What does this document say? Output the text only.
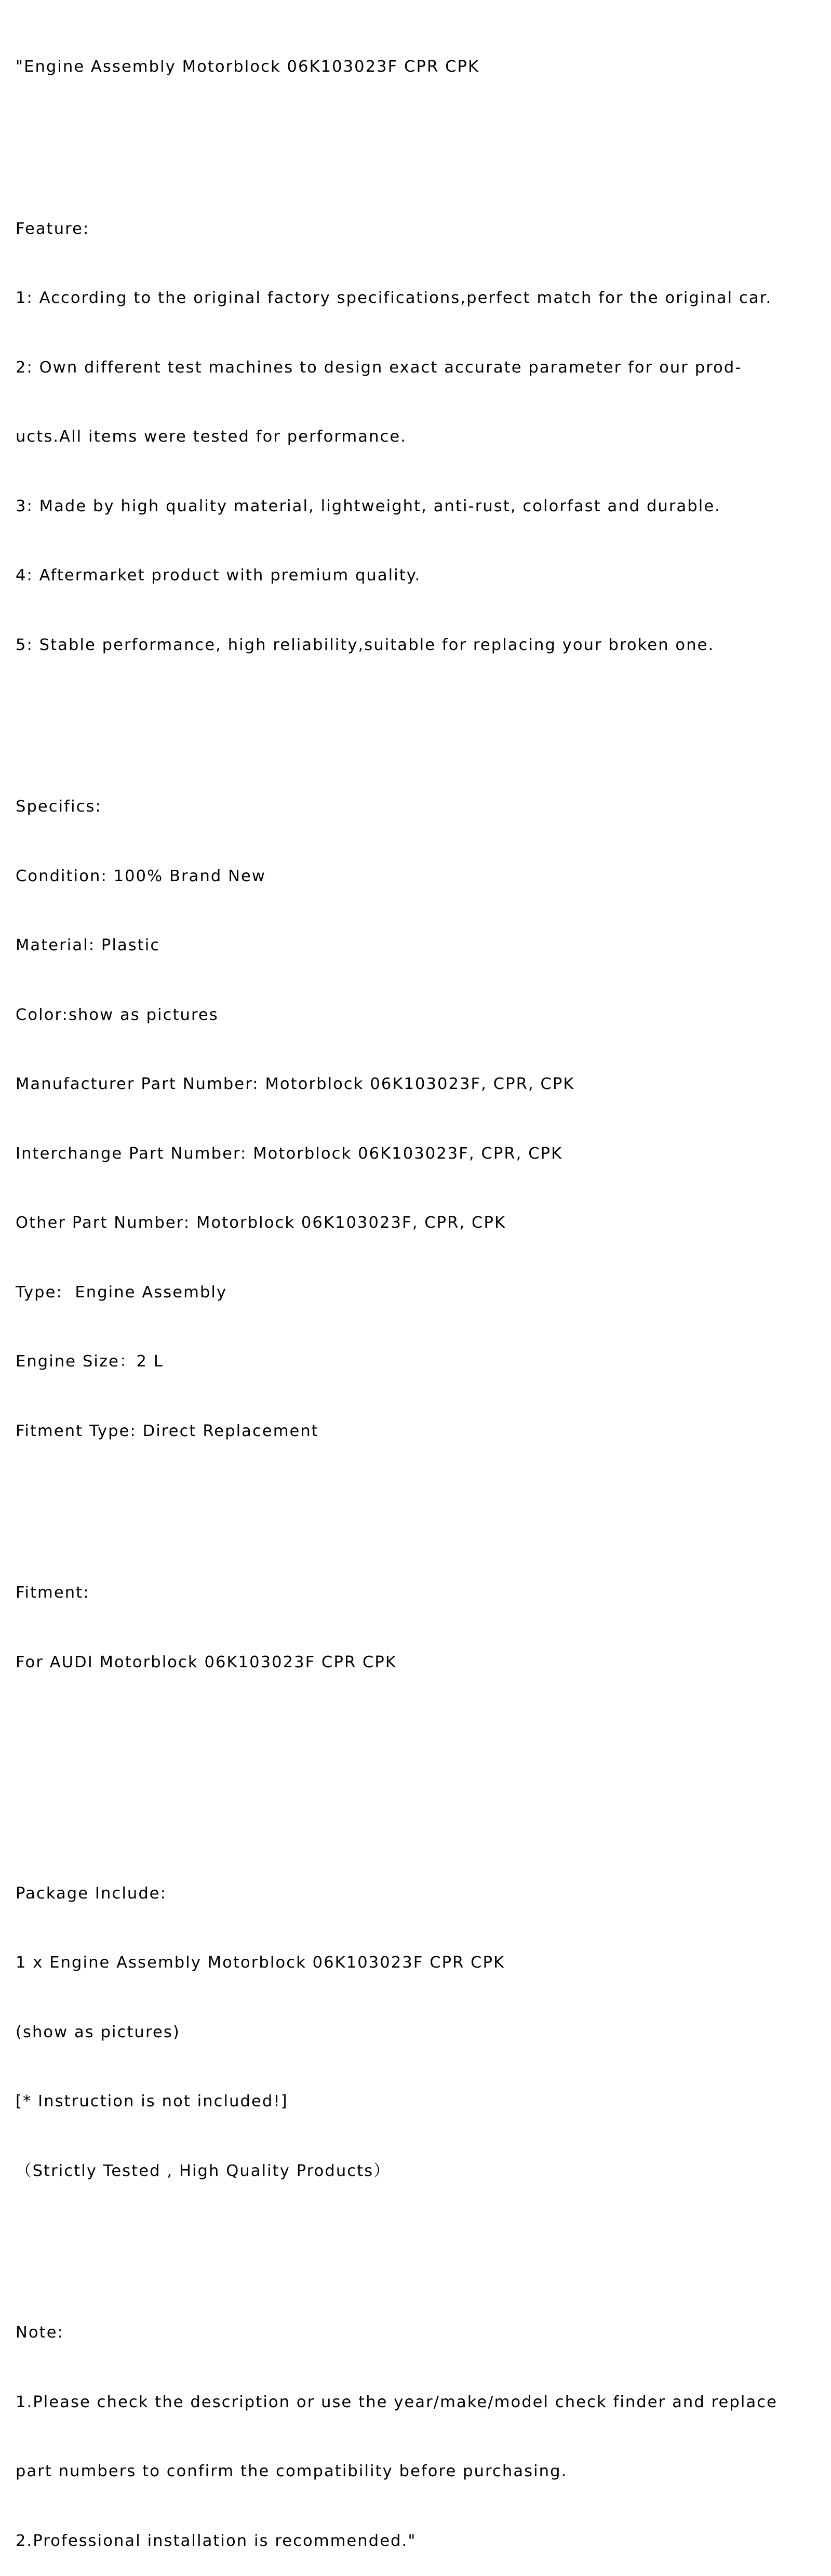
"Engine Assembly Motorblock 06K103023F CPR CPK

Feature:

1: According to the original factory specifications,perfect match for the original car.

2: Own different test machines to design exact accurate parameter for our prod-

ucts.All items were tested for performance.

3: Made by high quality material, lightweight, anti-rust, colorfast and durable.

4: Aftermarket product with premium quality.

5: Stable performance, high reliability,suitable for replacing your broken one.

Specifics:

Condition: 100% Brand New

Material: Plastic

Color:show as pictures

Manufacturer Part Number: Motorblock 06K103023F, CPR, CPK

Interchange Part Number: Motorblock 06K103023F, CPR, CPK

Other Part Number: Motorblock 06K103023F, CPR, CPK

Type:  Engine Assembly

Engine Size：2 L

Fitment Type: Direct Replacement

Fitment:

For AUDI Motorblock 06K103023F CPR CPK

Package Include:

1 x Engine Assembly Motorblock 06K103023F CPR CPK

(show as pictures)

[* Instruction is not included!]

（Strictly Tested , High Quality Products）

Note:

1.Please check the description or use the year/make/model check finder and replace

part numbers to confirm the compatibility before purchasing.

2.Professional installation is recommended."
